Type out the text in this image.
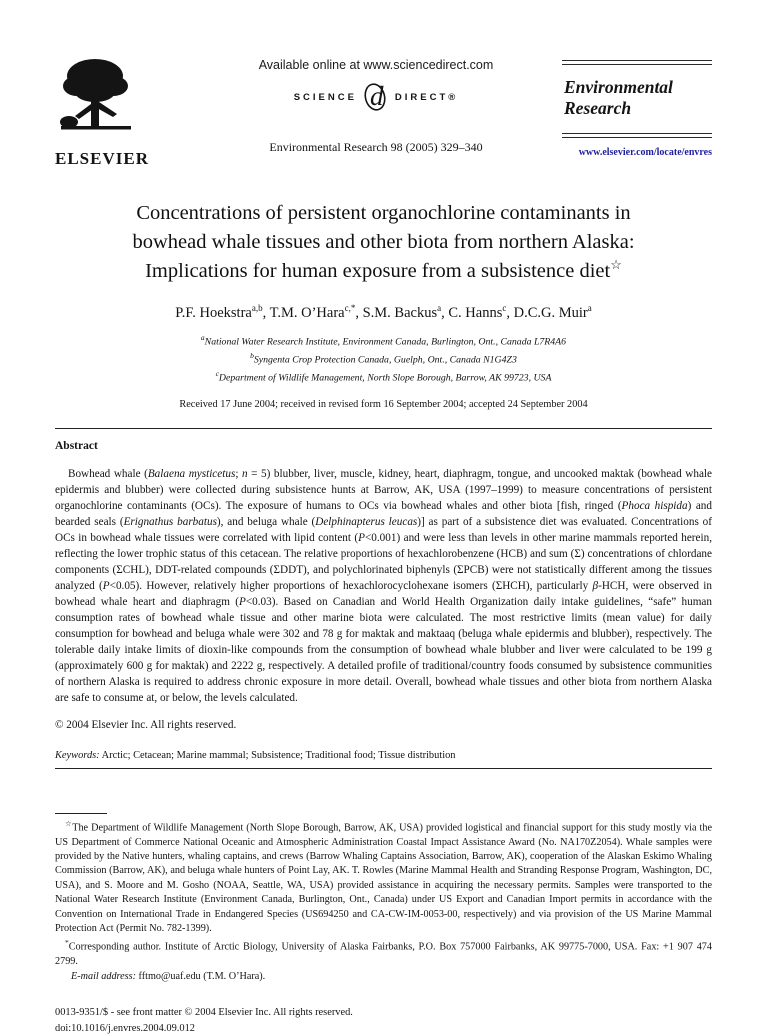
ELSEVIER
Available online at www.sciencedirect.com
SCIENCE d DIRECT®
Environmental Research 98 (2005) 329–340
Environmental
Research
www.elsevier.com/locate/envres
Concentrations of persistent organochlorine contaminants in
bowhead whale tissues and other biota from northern Alaska:
Implications for human exposure from a subsistence diet☆
P.F. Hoekstra$^{a,b}$, T.M. O’Hara$^{c,*}$, S.M. Backus$^a$, C. Hanns$^c$, D.C.G. Muir$^a$
$^a$National Water Research Institute, Environment Canada, Burlington, Ont., Canada L7R4A6
$^b$Syngenta Crop Protection Canada, Guelph, Ont., Canada N1G4Z3
$^c$Department of Wildlife Management, North Slope Borough, Barrow, AK 99723, USA
Received 17 June 2004; received in revised form 16 September 2004; accepted 24 September 2004
Abstract

Bowhead whale (Balaena mysticetus; n = 5) blubber, liver, muscle, kidney, heart, diaphragm, tongue, and uncooked maktak (bowhead whale epidermis and blubber) were collected during subsistence hunts at Barrow, AK, USA (1997–1999) to measure concentrations of persistent organochlorine contaminants (OCs). The exposure of humans to OCs via bowhead whales and other biota [fish, ringed (Phoca hispida) and bearded seals (Erignathus barbatus), and beluga whale (Delphinapterus leucas)] as part of a subsistence diet was evaluated. Concentrations of OCs in bowhead whale tissues were correlated with lipid content (P<0.001) and were less than levels in other marine mammals reported herein, reflecting the lower trophic status of this cetacean. The relative proportions of hexachlorobenzene (HCB) and sum (Σ) concentrations of chlordane components (ΣCHL), DDT-related compounds (ΣDDT), and polychlorinated biphenyls (ΣPCB) were not statistically different among the tissues analyzed (P<0.05). However, relatively higher proportions of hexachlorocyclohexane isomers (ΣHCH), particularly β-HCH, were observed in bowhead whale heart and diaphragm (P<0.03). Based on Canadian and World Health Organization daily intake guidelines, “safe” human consumption rates of bowhead whale tissue and other marine biota were calculated. The most restrictive limits (mean value) for daily consumption for bowhead and beluga whale were 302 and 78 g for maktak and maktaaq (beluga whale epidermis and blubber), respectively. The tolerable daily intake limits of dioxin-like compounds from the consumption of bowhead whale blubber and liver were calculated to be 199 g (approximately 600 g for maktak) and 2222 g, respectively. A detailed profile of traditional/country foods consumed by subsistence communities of northern Alaska is required to address chronic exposure in more detail. Overall, bowhead whale tissues and other biota from northern Alaska are safe to consume at, or below, the levels calculated.

© 2004 Elsevier Inc. All rights reserved.
Keywords: Arctic; Cetacean; Marine mammal; Subsistence; Traditional food; Tissue distribution

☆The Department of Wildlife Management (North Slope Borough, Barrow, AK, USA) provided logistical and financial support for this study mostly via the US Department of Commerce National Oceanic and Atmospheric Administration Coastal Impact Assistance Award (No. NA170Z2054). Whale samples were provided by the Native hunters, whaling captains, and crews (Barrow Whaling Captains Association, Barrow, AK), cooperation of the Alaskan Eskimo Whaling Commission (Barrow, AK), and beluga whale hunters of Point Lay, AK. T. Rowles (Marine Mammal Health and Stranding Response Program, Washington, DC, USA), and S. Moore and M. Gosho (NOAA, Seattle, WA, USA) provided assistance in acquiring the necessary permits. Samples were transported to the National Water Research Institute (Environment Canada, Burlington, Ont., Canada) under US Export and Canadian Import permits in accordance with the Convention on International Trade in Endangered Species (US694250 and CA-CW-IM-0053-00, respectively) and via provision of the US Marine Mammal Protection Act (Permit No. 782-1399).

*Corresponding author. Institute of Arctic Biology, University of Alaska Fairbanks, P.O. Box 757000 Fairbanks, AK 99775-7000, USA. Fax: +1 907 474 2799.

E-mail address: fftmo@uaf.edu (T.M. O’Hara).

0013-9351/$ - see front matter © 2004 Elsevier Inc. All rights reserved.
doi:10.1016/j.envres.2004.09.012
